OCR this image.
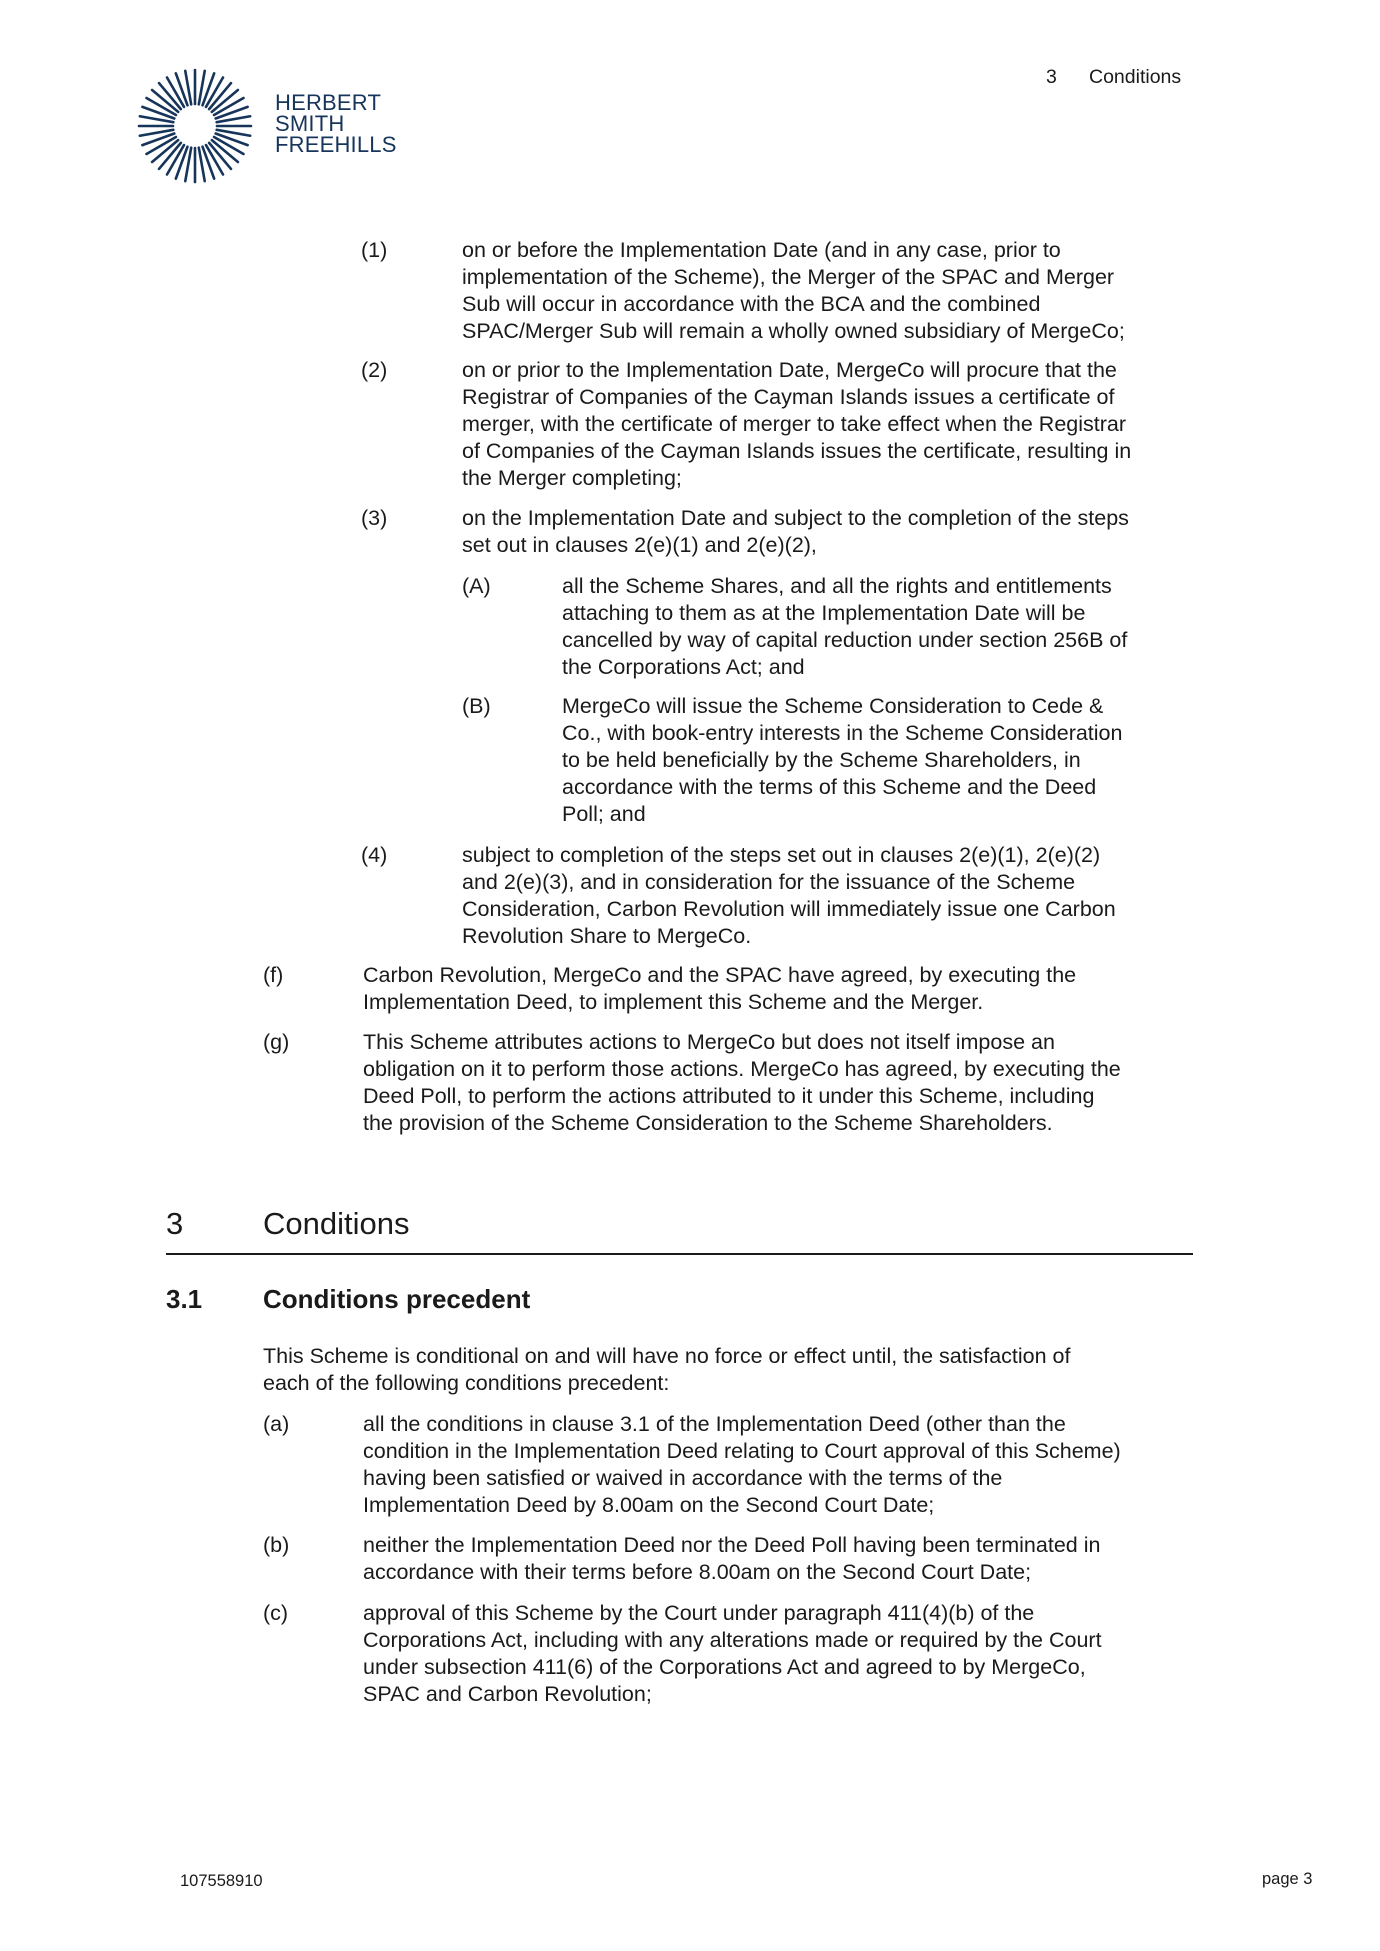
HERBERT
SMITH
FREEHILLS
3 Conditions
(1)	on or before the Implementation Date (and in any case, prior to
implementation of the Scheme), the Merger of the SPAC and Merger
Sub will occur in accordance with the BCA and the combined
SPAC/Merger Sub will remain a wholly owned subsidiary of MergeCo;
(2)	on or prior to the Implementation Date, MergeCo will procure that the
Registrar of Companies of the Cayman Islands issues a certificate of
merger, with the certificate of merger to take effect when the Registrar
of Companies of the Cayman Islands issues the certificate, resulting in
the Merger completing;
(3)	on the Implementation Date and subject to the completion of the steps
set out in clauses 2(e)(1) and 2(e)(2),
(A)	all the Scheme Shares, and all the rights and entitlements
attaching to them as at the Implementation Date will be
cancelled by way of capital reduction under section 256B of
the Corporations Act; and
(B)	MergeCo will issue the Scheme Consideration to Cede &
Co., with book-entry interests in the Scheme Consideration
to be held beneficially by the Scheme Shareholders, in
accordance with the terms of this Scheme and the Deed
Poll; and
(4)	subject to completion of the steps set out in clauses 2(e)(1), 2(e)(2)
and 2(e)(3), and in consideration for the issuance of the Scheme
Consideration, Carbon Revolution will immediately issue one Carbon
Revolution Share to MergeCo.
(f)	Carbon Revolution, MergeCo and the SPAC have agreed, by executing the
Implementation Deed, to implement this Scheme and the Merger.
(g)	This Scheme attributes actions to MergeCo but does not itself impose an
obligation on it to perform those actions. MergeCo has agreed, by executing the
Deed Poll, to perform the actions attributed to it under this Scheme, including
the provision of the Scheme Consideration to the Scheme Shareholders.
3	Conditions
3.1 Conditions precedent
This Scheme is conditional on and will have no force or effect until, the satisfaction of
each of the following conditions precedent:
(a)	all the conditions in clause 3.1 of the Implementation Deed (other than the
condition in the Implementation Deed relating to Court approval of this Scheme)
having been satisfied or waived in accordance with the terms of the
Implementation Deed by 8.00am on the Second Court Date;
(b)	neither the Implementation Deed nor the Deed Poll having been terminated in
accordance with their terms before 8.00am on the Second Court Date;
(c)	approval of this Scheme by the Court under paragraph 411(4)(b) of the
Corporations Act, including with any alterations made or required by the Court
under subsection 411(6) of the Corporations Act and agreed to by MergeCo,
SPAC and Carbon Revolution;
107558910	page 3
